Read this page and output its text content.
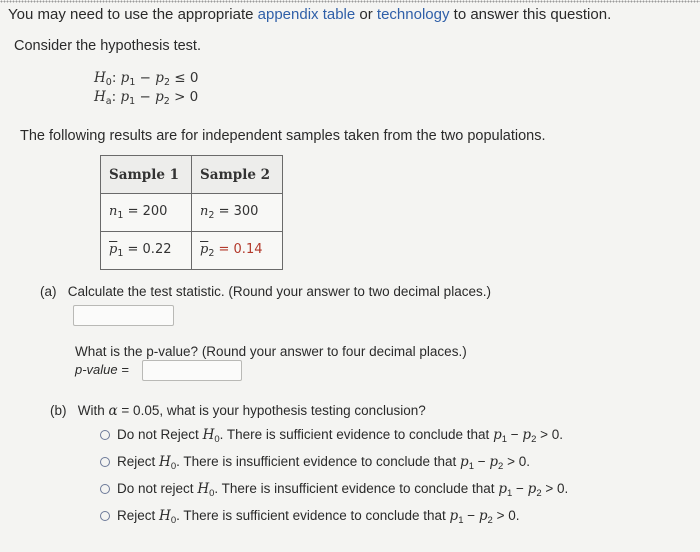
You may need to use the appropriate appendix table or technology to answer this question.
Consider the hypothesis test.
$H_0$: $p_1 - p_2 \le 0$
$H_a$: $p_1 - p_2 > 0$
The following results are for independent samples taken from the two populations.
Sample 1	Sample 2
$n_1 = 200$	$n_2 = 300$
$\overline{p}_1 = 0.22$	$\overline{p}_2 = 0.14$
(a) Calculate the test statistic. (Round your answer to two decimal places.)
What is the p-value? (Round your answer to four decimal places.)
p-value =
(b) With α = 0.05, what is your hypothesis testing conclusion?
Do not Reject $H_0$. There is sufficient evidence to conclude that $p_1 - p_2 > 0$.
Reject $H_0$. There is insufficient evidence to conclude that $p_1 - p_2 > 0$.
Do not reject $H_0$. There is insufficient evidence to conclude that $p_1 - p_2 > 0$.
Reject $H_0$. There is sufficient evidence to conclude that $p_1 - p_2 > 0$.
